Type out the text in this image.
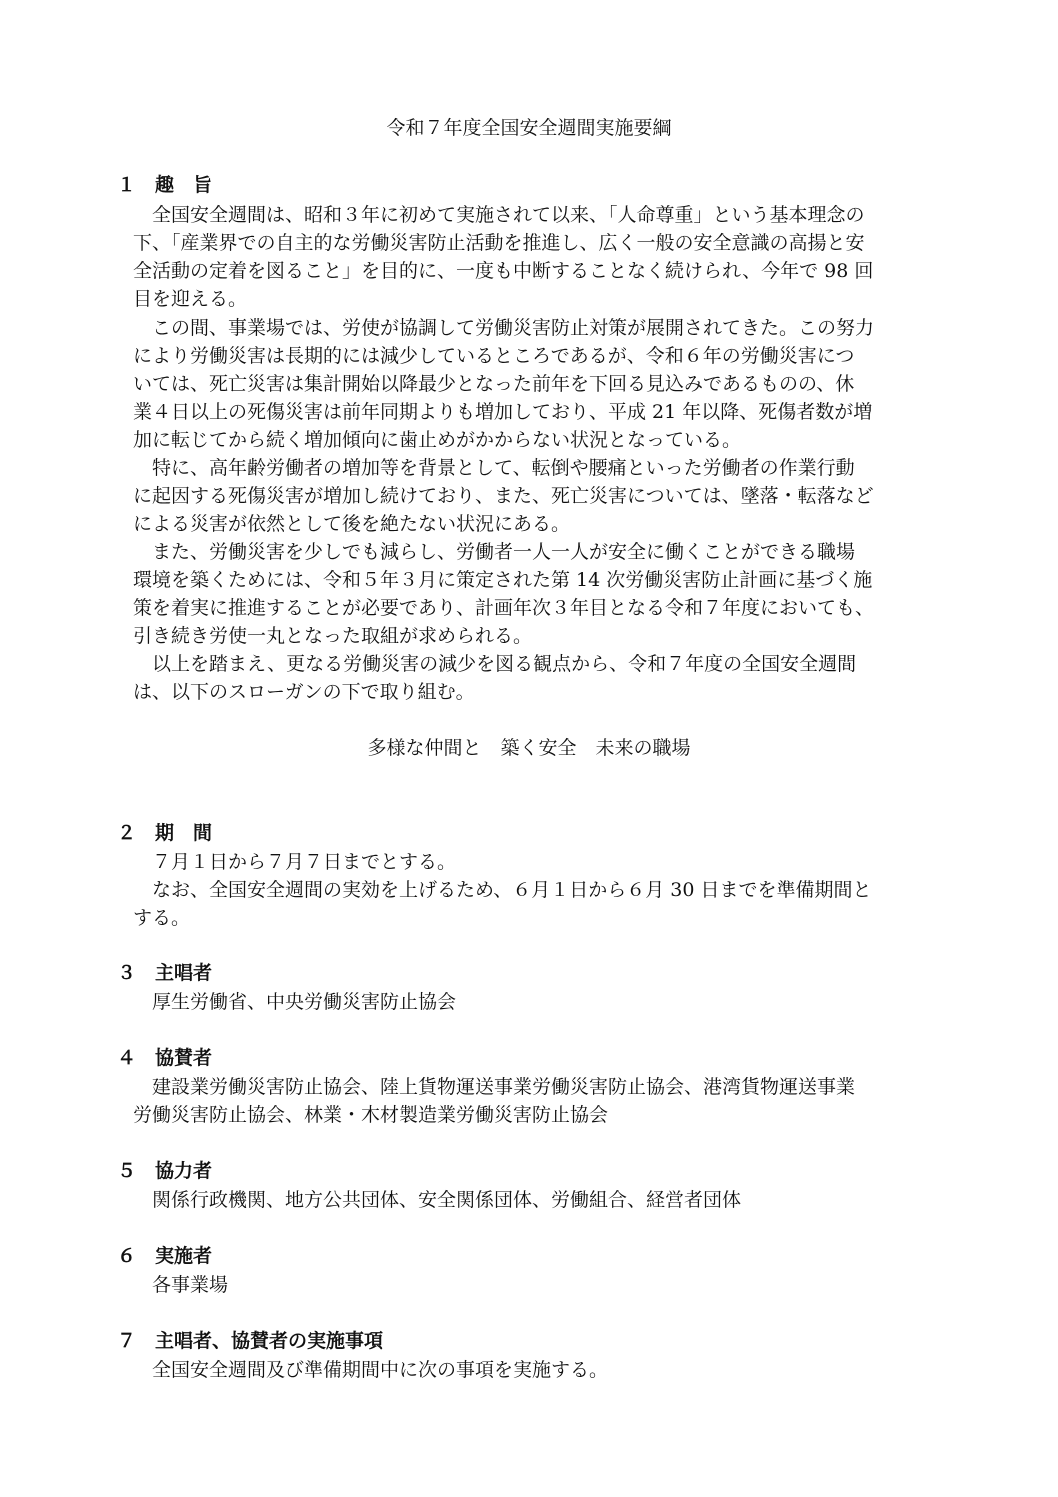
令和７年度全国安全週間実施要綱
１ 趣　旨
全国安全週間は、昭和３年に初めて実施されて以来、「人命尊重」という基本理念の
下、「産業界での自主的な労働災害防止活動を推進し、広く一般の安全意識の高揚と安
全活動の定着を図ること」を目的に、一度も中断することなく続けられ、今年で 98 回
目を迎える。
この間、事業場では、労使が協調して労働災害防止対策が展開されてきた。この努力
により労働災害は長期的には減少しているところであるが、令和６年の労働災害につ
いては、死亡災害は集計開始以降最少となった前年を下回る見込みであるものの、休
業４日以上の死傷災害は前年同期よりも増加しており、平成 21 年以降、死傷者数が増
加に転じてから続く増加傾向に歯止めがかからない状況となっている。
特に、高年齢労働者の増加等を背景として、転倒や腰痛といった労働者の作業行動
に起因する死傷災害が増加し続けており、また、死亡災害については、墜落・転落など
による災害が依然として後を絶たない状況にある。
また、労働災害を少しでも減らし、労働者一人一人が安全に働くことができる職場
環境を築くためには、令和５年３月に策定された第 14 次労働災害防止計画に基づく施
策を着実に推進することが必要であり、計画年次３年目となる令和７年度においても、
引き続き労使一丸となった取組が求められる。
以上を踏まえ、更なる労働災害の減少を図る観点から、令和７年度の全国安全週間
は、以下のスローガンの下で取り組む。
多様な仲間と　築く安全　未来の職場
２ 期　間
７月１日から７月７日までとする。
なお、全国安全週間の実効を上げるため、６月１日から６月 30 日までを準備期間と
する。
３ 主唱者
厚生労働省、中央労働災害防止協会
４ 協賛者
建設業労働災害防止協会、陸上貨物運送事業労働災害防止協会、港湾貨物運送事業
労働災害防止協会、林業・木材製造業労働災害防止協会
５ 協力者
関係行政機関、地方公共団体、安全関係団体、労働組合、経営者団体
６ 実施者
各事業場
７ 主唱者、協賛者の実施事項
全国安全週間及び準備期間中に次の事項を実施する。
